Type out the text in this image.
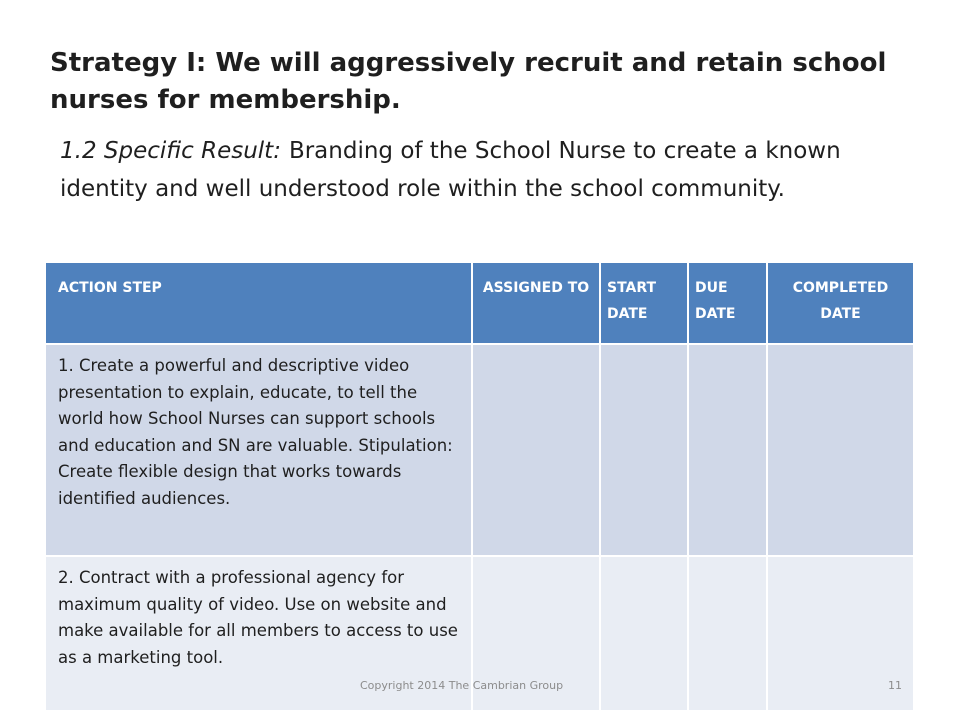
Strategy I: We will aggressively recruit and retain school nurses for membership.

1.2 Specific Result: Branding of the School Nurse to create a known identity and well understood role within the school community.

ACTION STEP	ASSIGNED TO	START DATE	DUE DATE	COMPLETED DATE
1. Create a powerful and descriptive video presentation to explain, educate, to tell the world how School Nurses can support schools and education and SN are valuable. Stipulation: Create flexible design that works towards identified audiences.				
2. Contract with a professional agency for maximum quality of video. Use on website and make available for all members to access to use as a marketing tool.				
Copyright 2014 The Cambrian Group	11
